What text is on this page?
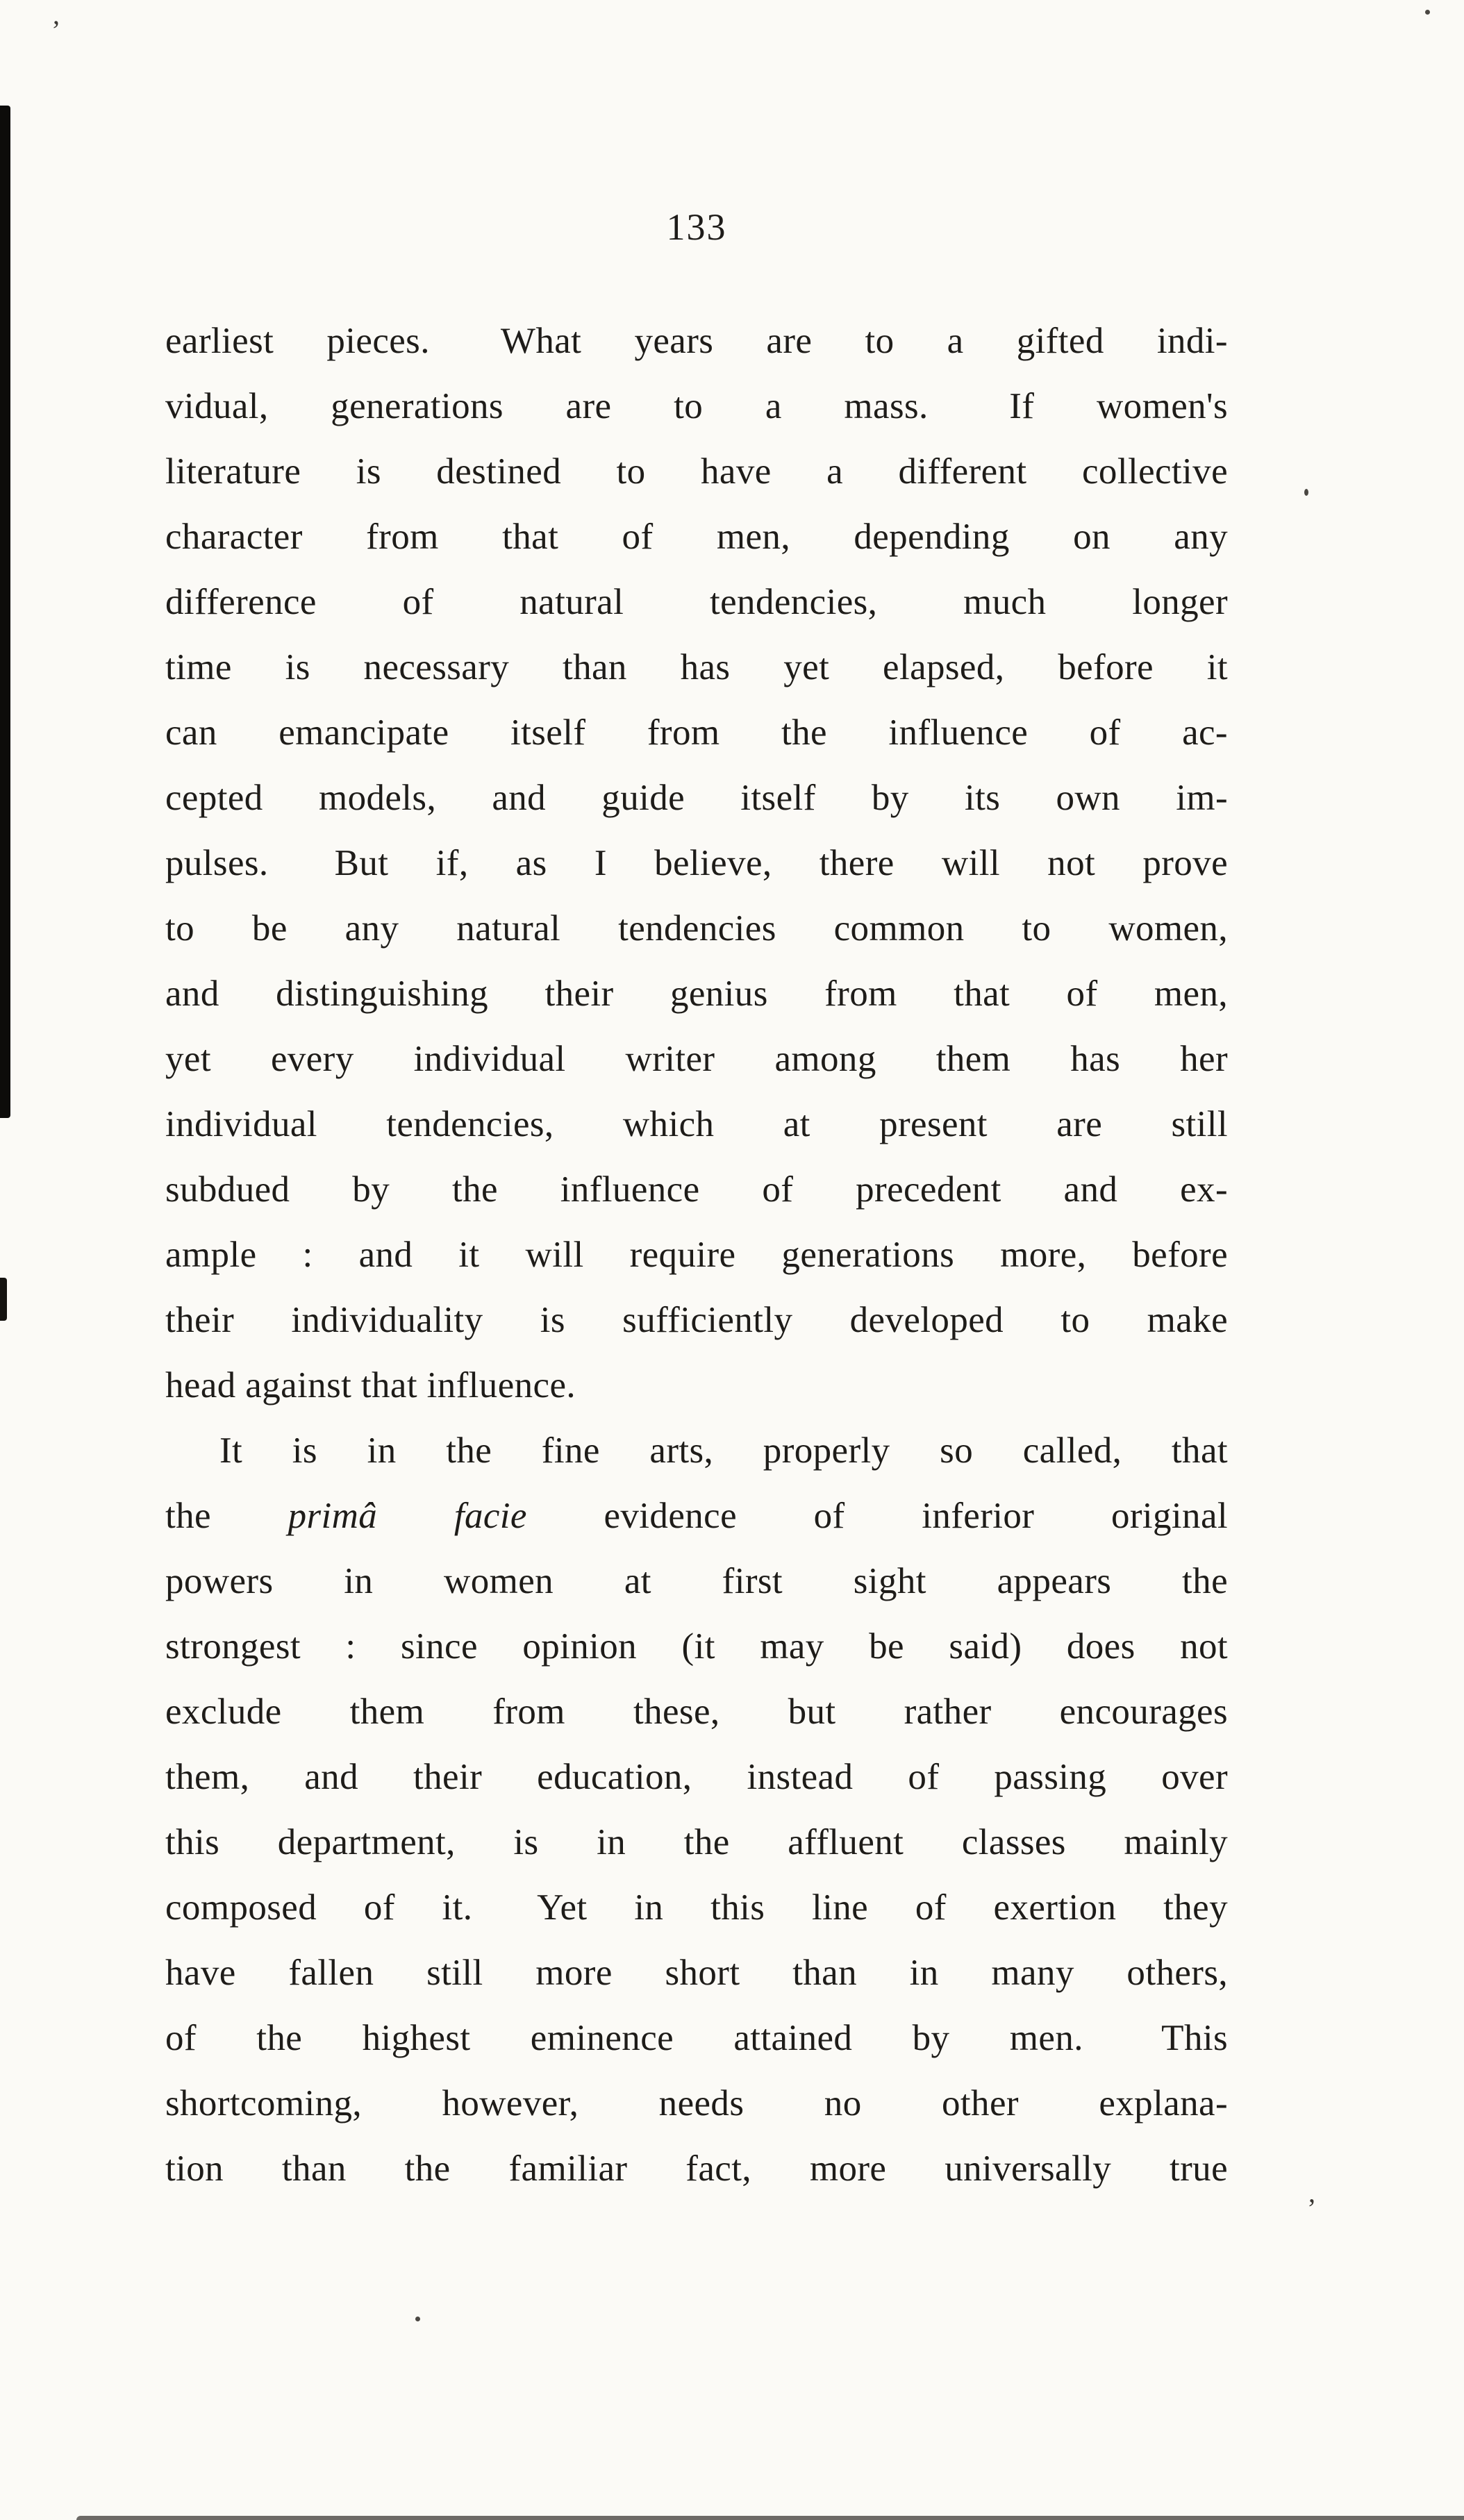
’
,
133
earliest pieces.  What years are to a gifted indi-
vidual, generations are to a mass.  If women's
literature is destined to have a different collective
character from that of men, depending on any
difference of natural tendencies, much longer
time is necessary than has yet elapsed, before it
can emancipate itself from the influence of ac-
cepted models, and guide itself by its own im-
pulses.  But if, as I believe, there will not prove
to be any natural tendencies common to women,
and distinguishing their genius from that of men,
yet every individual writer among them has her
individual tendencies, which at present are still
subdued by the influence of precedent and ex-
ample : and it will require generations more, before
their individuality is sufficiently developed to make
head against that influence.
It is in the fine arts, properly so called, that
the primâ facie evidence of inferior original
powers in women at first sight appears the
strongest : since opinion (it may be said) does not
exclude them from these, but rather encourages
them, and their education, instead of passing over
this department, is in the affluent classes mainly
composed of it.  Yet in this line of exertion they
have fallen still more short than in many others,
of the highest eminence attained by men.  This
shortcoming, however, needs no other explana-
tion than the familiar fact, more universally true
